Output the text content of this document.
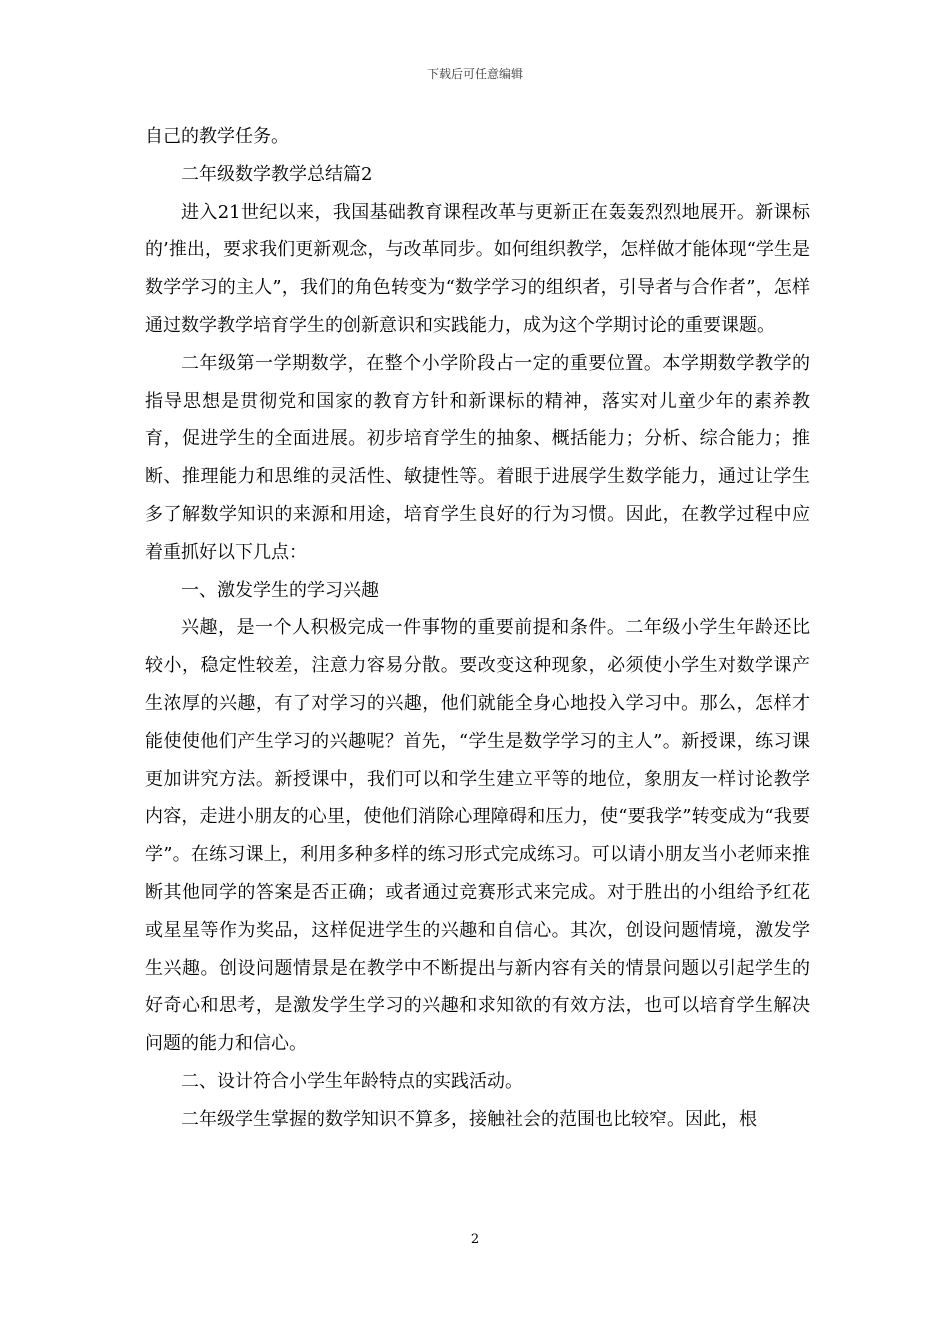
下载后可任意编辑

自己的教学任务。

二年级数学教学总结篇2

进入21世纪以来，我国基础教育课程改革与更新正在轰轰烈烈地展开。新课标的’推出，要求我们更新观念，与改革同步。如何组织教学，怎样做才能体现“学生是数学学习的主人”，我们的角色转变为“数学学习的组织者，引导者与合作者”，怎样通过数学教学培育学生的创新意识和实践能力，成为这个学期讨论的重要课题。

二年级第一学期数学，在整个小学阶段占一定的重要位置。本学期数学教学的指导思想是贯彻党和国家的教育方针和新课标的精神，落实对儿童少年的素养教育，促进学生的全面进展。初步培育学生的抽象、概括能力；分析、综合能力；推断、推理能力和思维的灵活性、敏捷性等。着眼于进展学生数学能力，通过让学生多了解数学知识的来源和用途，培育学生良好的行为习惯。因此，在教学过程中应着重抓好以下几点：

一、激发学生的学习兴趣

兴趣，是一个人积极完成一件事物的重要前提和条件。二年级小学生年龄还比较小，稳定性较差，注意力容易分散。要改变这种现象，必须使小学生对数学课产生浓厚的兴趣，有了对学习的兴趣，他们就能全身心地投入学习中。那么，怎样才能使使他们产生学习的兴趣呢？首先，“学生是数学学习的主人”。新授课，练习课更加讲究方法。新授课中，我们可以和学生建立平等的地位，象朋友一样讨论教学内容，走进小朋友的心里，使他们消除心理障碍和压力，使“要我学”转变成为“我要学”。在练习课上，利用多种多样的练习形式完成练习。可以请小朋友当小老师来推断其他同学的答案是否正确；或者通过竞赛形式来完成。对于胜出的小组给予红花或星星等作为奖品，这样促进学生的兴趣和自信心。其次，创设问题情境，激发学生兴趣。创设问题情景是在教学中不断提出与新内容有关的情景问题以引起学生的好奇心和思考，是激发学生学习的兴趣和求知欲的有效方法，也可以培育学生解决问题的能力和信心。

二、设计符合小学生年龄特点的实践活动。

二年级学生掌握的数学知识不算多，接触社会的范围也比较窄。因此，根

2
